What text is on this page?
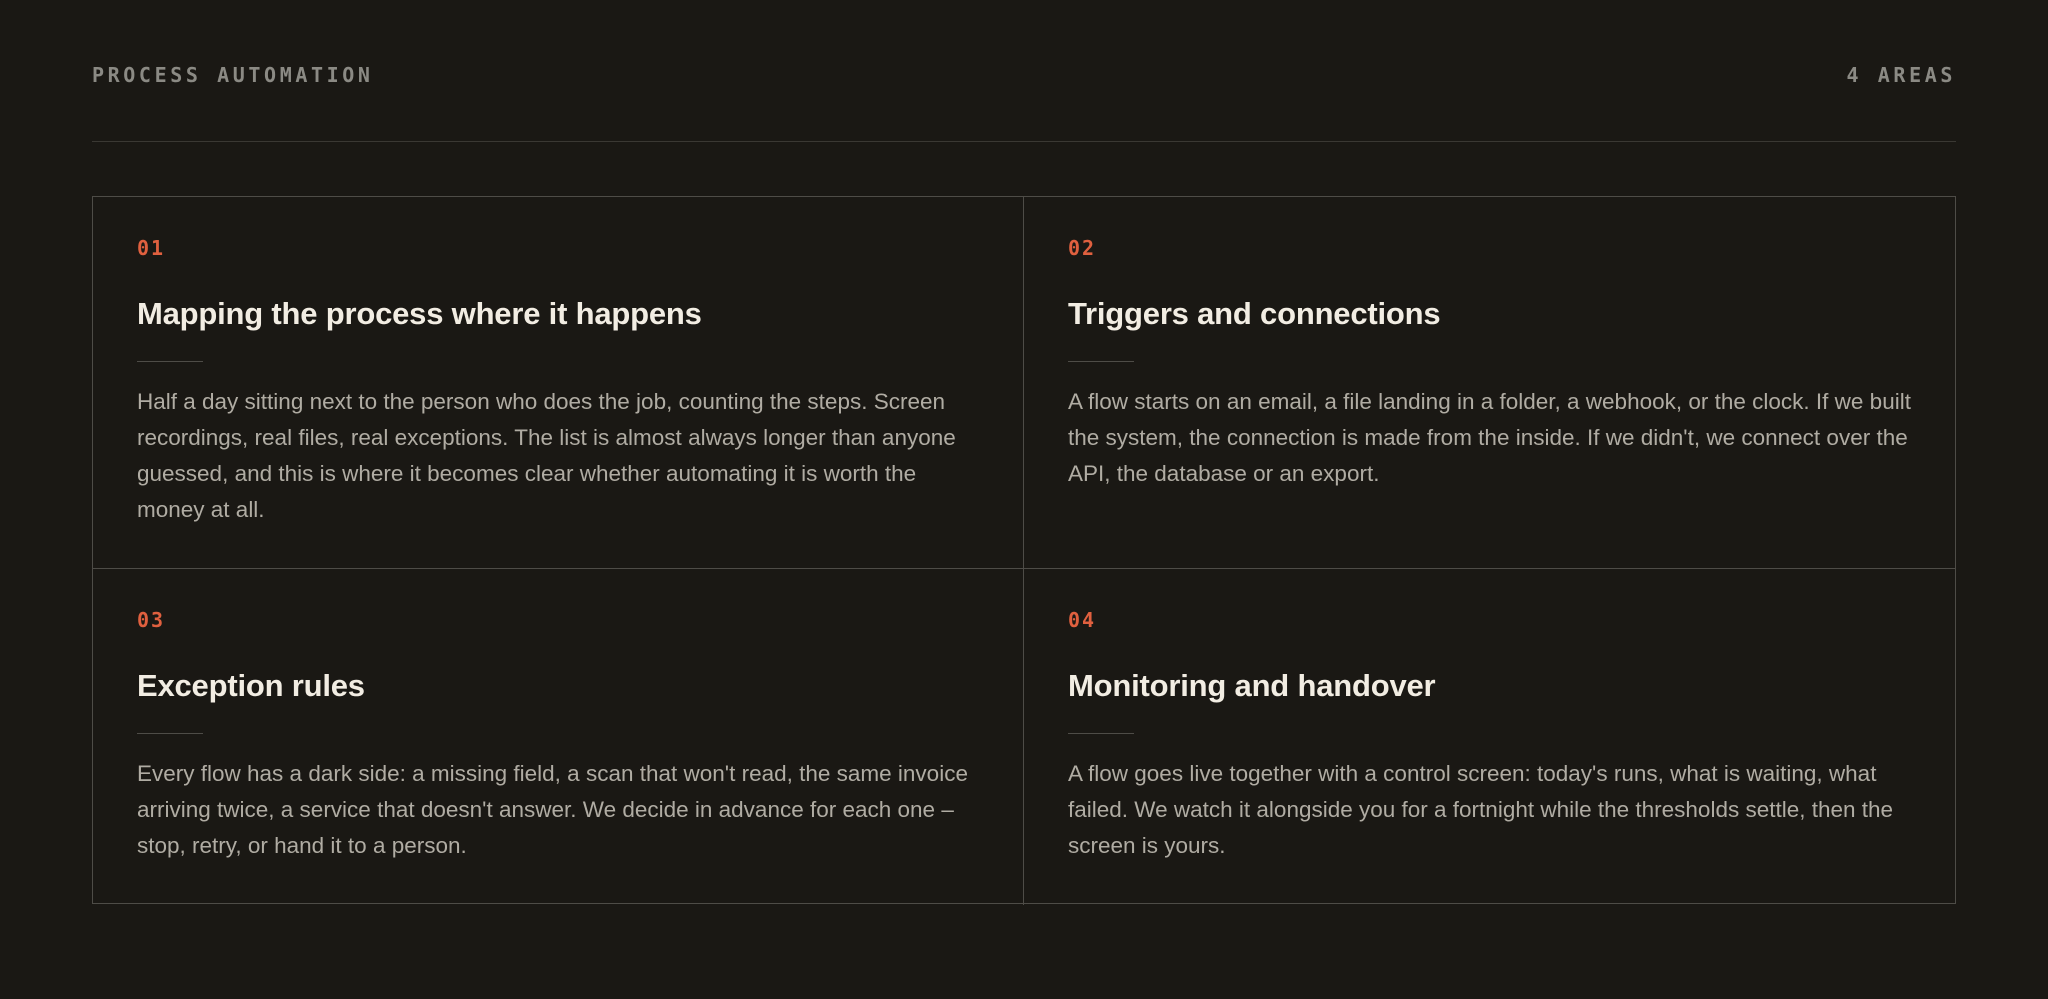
PROCESS AUTOMATION	4 AREAS
01
Mapping the process where it happens
Half a day sitting next to the person who does the job, counting the steps. Screen recordings, real files, real exceptions. The list is almost always longer than anyone guessed, and this is where it becomes clear whether automating it is worth the money at all.
02
Triggers and connections
A flow starts on an email, a file landing in a folder, a webhook, or the clock. If we built the system, the connection is made from the inside. If we didn't, we connect over the API, the database or an export.
03
Exception rules
Every flow has a dark side: a missing field, a scan that won't read, the same invoice arriving twice, a service that doesn't answer. We decide in advance for each one – stop, retry, or hand it to a person.
04
Monitoring and handover
A flow goes live together with a control screen: today's runs, what is waiting, what failed. We watch it alongside you for a fortnight while the thresholds settle, then the screen is yours.
